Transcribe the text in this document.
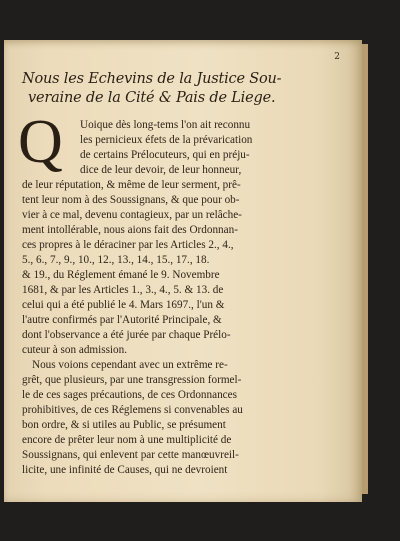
2
Nous les Echevins de la Justice Sou-
veraine de la Cité & Pais de Liege.
Q	Uoique dès long-tems l'on ait reconnu
les pernicieux éfets de la prévarication
de certains Prélocuteurs, qui en préju-
dice de leur devoir, de leur honneur,
de leur réputation, & même de leur serment, prê-
tent leur nom à des Soussignans, & que pour ob-
vier à ce mal, devenu contagieux, par un relâche-
ment intollérable, nous aions fait des Ordonnan-
ces propres à le déraciner par les Articles 2., 4.,
5., 6., 7., 9., 10., 12., 13., 14., 15., 17., 18.
& 19., du Réglement émané le 9. Novembre
1681, & par les Articles 1., 3., 4., 5. & 13. de
celui qui a été publié le 4. Mars 1697., l'un &
l'autre confirmés par l'Autorité Principale, &
dont l'observance a été jurée par chaque Prélo-
cuteur à son admission.
Nous voions cependant avec un extrême re-
grêt, que plusieurs, par une transgression formel-
le de ces sages précautions, de ces Ordonnances
prohibitives, de ces Réglemens si convenables au
bon ordre, & si utiles au Public, se présument
encore de prêter leur nom à une multiplicité de
Soussignans, qui enlevent par cette manœuvreil-
licite, une infinité de Causes, qui ne devroient
